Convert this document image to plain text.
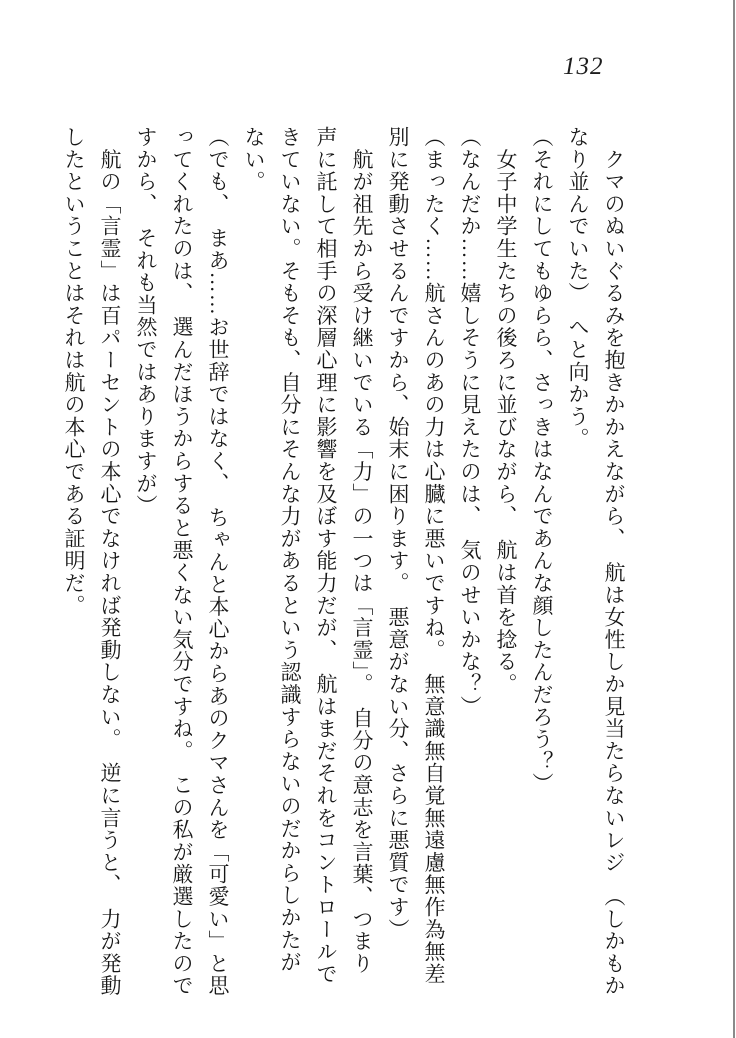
132
　クマのぬいぐるみを抱きかかえながら、　航は女性しか見当たらないレジ　（しかもか
なり並んでいた）　へと向かう。
（それにしてもゆらら、さっきはなんであんな顔したんだろう？）
　女子中学生たちの後ろに並びながら、　航は首を捻る。
（なんだか……嬉しそうに見えたのは、　気のせいかな？）
（まったく……航さんのあの力は心臓に悪いですね。　無意識無自覚無遠慮無作為無差
別に発動させるんですから、始末に困ります。　悪意がない分、さらに悪質です）
　航が祖先から受け継いでいる「力」の一つは「言霊」。　自分の意志を言葉、つまり
声に託して相手の深層心理に影響を及ぼす能力だが、　航はまだそれをコントロールで
きていない。そもそも、自分にそんな力があるという認識すらないのだからしかたが
ない。
（でも、　まあ……お世辞ではなく、　ちゃんと本心からあのクマさんを「可愛い」と思
ってくれたのは、　選んだほうからすると悪くない気分ですね。　この私が厳選したので
すから、　それも当然ではありますが）
　航の「言霊」は百パーセントの本心でなければ発動しない。　逆に言うと、　力が発動
したということはそれは航の本心である証明だ。
